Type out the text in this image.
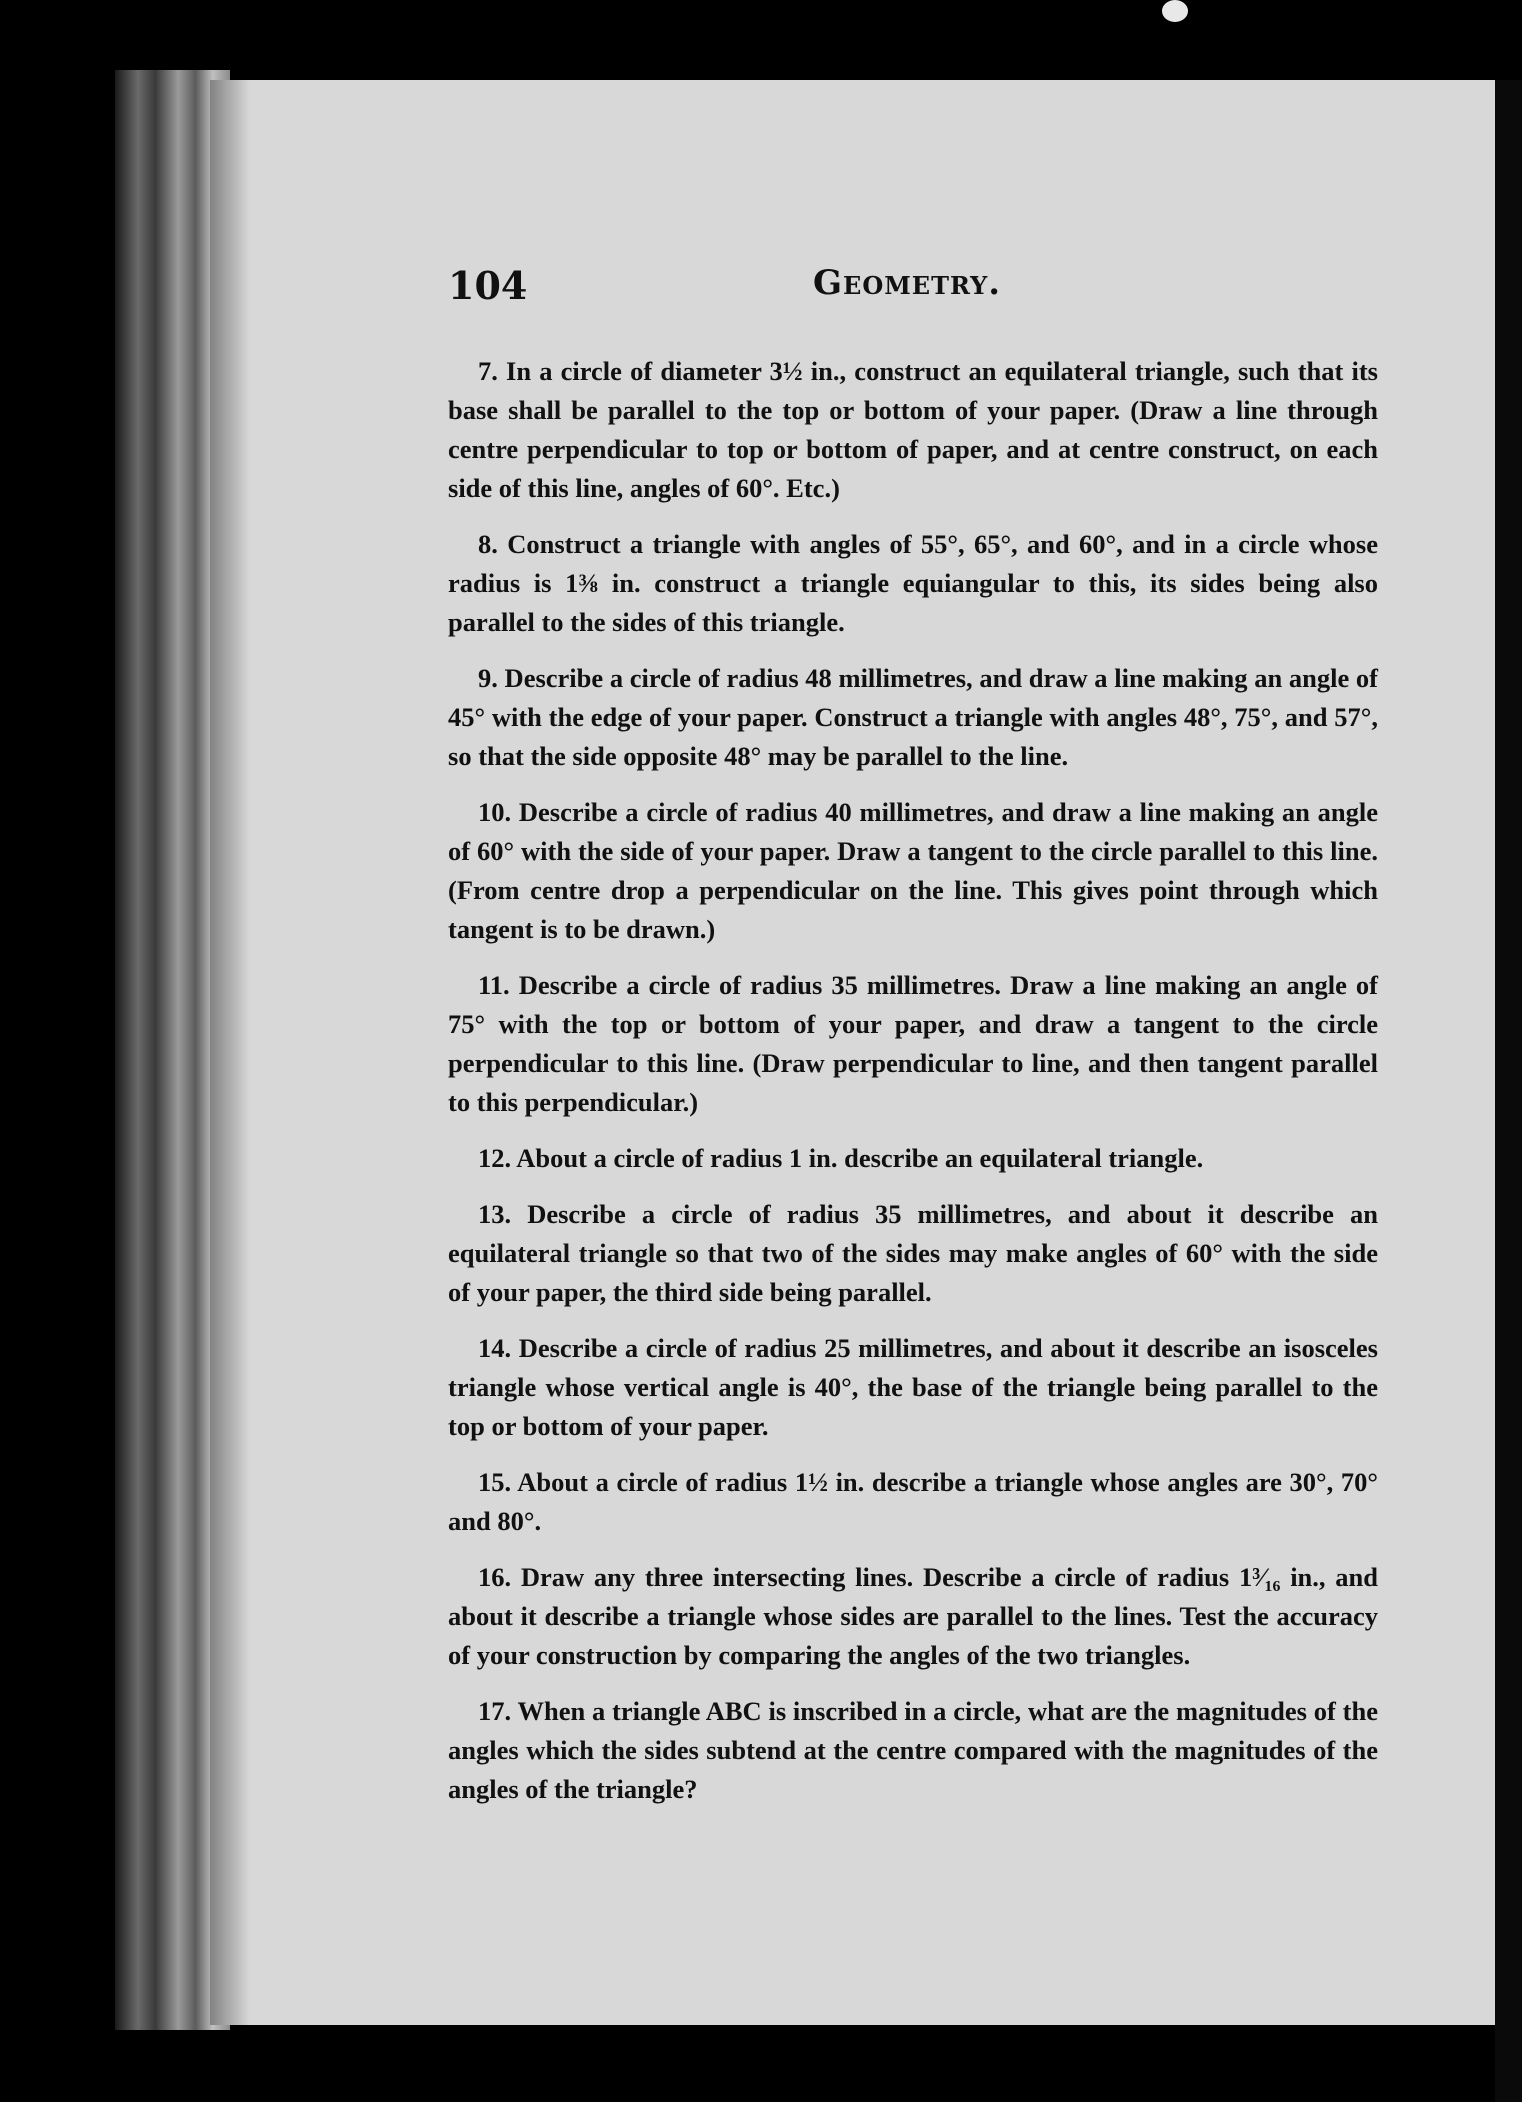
104	Geometry.

7. In a circle of diameter 3½ in., construct an equilateral triangle, such that its base shall be parallel to the top or bottom of your paper. (Draw a line through centre perpendicular to top or bottom of paper, and at centre construct, on each side of this line, angles of 60°. Etc.)

8. Construct a triangle with angles of 55°, 65°, and 60°, and in a circle whose radius is 1⅜ in. construct a triangle equiangular to this, its sides being also parallel to the sides of this triangle.

9. Describe a circle of radius 48 millimetres, and draw a line making an angle of 45° with the edge of your paper. Construct a triangle with angles 48°, 75°, and 57°, so that the side opposite 48° may be parallel to the line.

10. Describe a circle of radius 40 millimetres, and draw a line making an angle of 60° with the side of your paper. Draw a tangent to the circle parallel to this line. (From centre drop a perpendicular on the line. This gives point through which tangent is to be drawn.)

11. Describe a circle of radius 35 millimetres. Draw a line making an angle of 75° with the top or bottom of your paper, and draw a tangent to the circle perpendicular to this line. (Draw perpendicular to line, and then tangent parallel to this perpendicular.)

12. About a circle of radius 1 in. describe an equilateral triangle.

13. Describe a circle of radius 35 millimetres, and about it describe an equilateral triangle so that two of the sides may make angles of 60° with the side of your paper, the third side being parallel.

14. Describe a circle of radius 25 millimetres, and about it describe an isosceles triangle whose vertical angle is 40°, the base of the triangle being parallel to the top or bottom of your paper.

15. About a circle of radius 1½ in. describe a triangle whose angles are 30°, 70° and 80°.

16. Draw any three intersecting lines. Describe a circle of radius 1³⁄₁₆ in., and about it describe a triangle whose sides are parallel to the lines. Test the accuracy of your construction by comparing the angles of the two triangles.

17. When a triangle ABC is inscribed in a circle, what are the magnitudes of the angles which the sides subtend at the centre compared with the magnitudes of the angles of the triangle?
